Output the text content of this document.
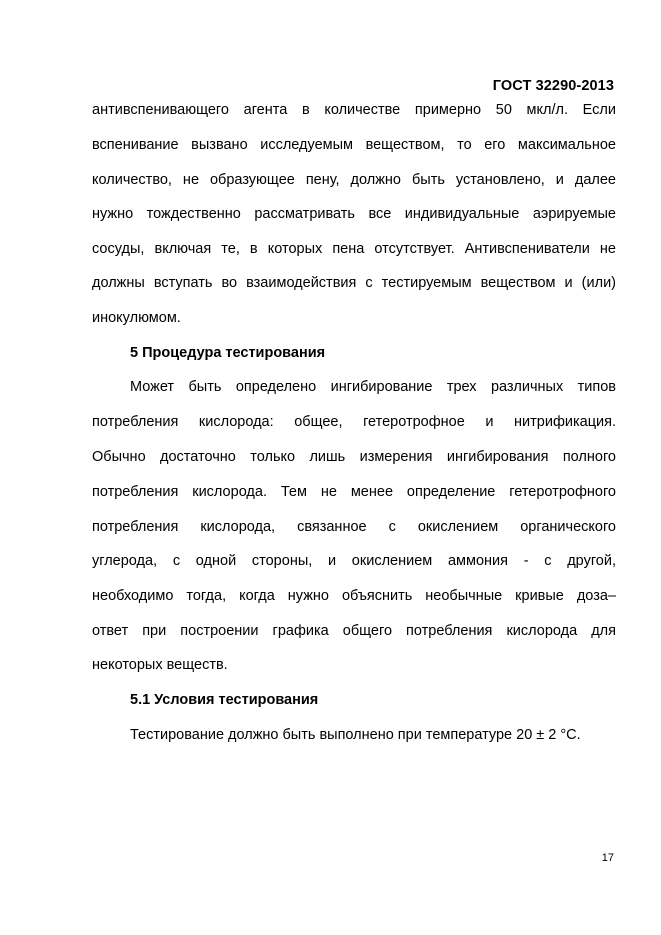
ГОСТ 32290-2013
антивспенивающего агента в количестве примерно 50 мкл/л. Если
вспенивание вызвано исследуемым веществом, то его максимальное
количество, не образующее пену, должно быть установлено, и далее
нужно тождественно рассматривать все индивидуальные аэрируемые
сосуды, включая те, в которых пена отсутствует. Антивспениватели не
должны вступать во взаимодействия с тестируемым веществом и (или)
инокулюмом.
5 Процедура тестирования
Может быть определено ингибирование трех различных типов
потребления кислорода: общее, гетеротрофное и нитрификация.
Обычно достаточно только лишь измерения ингибирования полного
потребления кислорода. Тем не менее определение гетеротрофного
потребления кислорода, связанное с окислением органического
углерода, с одной стороны, и окислением аммония - с другой,
необходимо тогда, когда нужно объяснить необычные кривые доза–
ответ при построении графика общего потребления кислорода для
некоторых веществ.
5.1 Условия тестирования
Тестирование должно быть выполнено при температуре 20 ± 2 °С.
17
